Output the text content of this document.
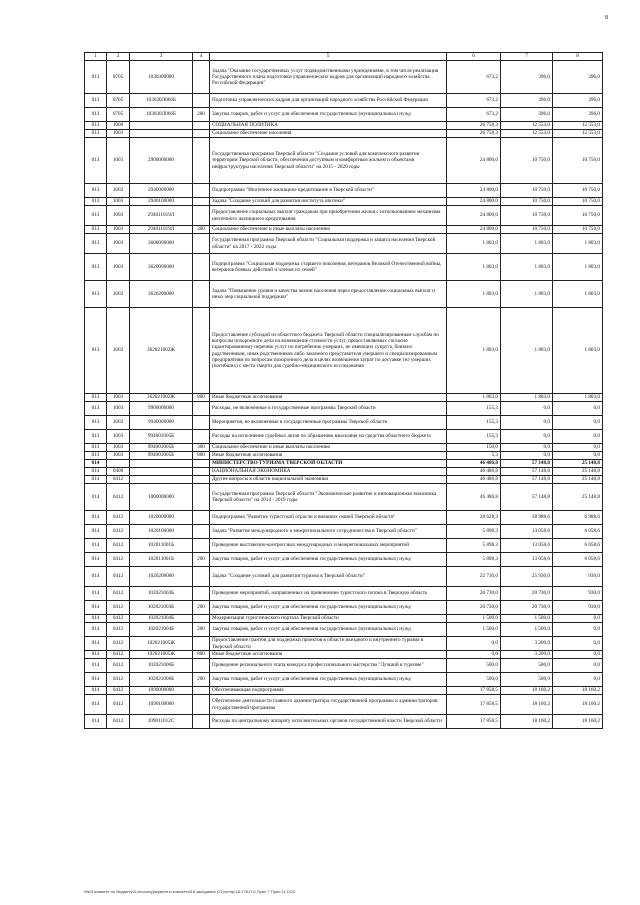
8
1	2	3	4	5	6	7	8
013	0705	1030300000		Задача "Оказание государственных услуг подведомственными учреждениями, в том числе реализация Государственного плана подготовки управленческих кадров для организаций народного хозяйства Российской Федерации"	673,2	396,0	396,0
013	0705	103030Л066Б		Подготовка управленческих кадров для организаций народного хозяйства Российской Федерации	673,2	396,0	396,0
013	0705	103030Л066Б	200	Закупка товаров, работ и услуг для обеспечения государственных (муниципальных) нужд	673,2	396,0	396,0
013	1000			СОЦИАЛЬНАЯ ПОЛИТИКА	26 758,3	12 553,0	12 553,0
013	1003			Социальное обеспечение населения	26 758,3	12 553,0	12 553,0
013	1003	2900000000		Государственная программа Тверской области "Создание условий для комплексного развития территории Тверской области, обеспечения доступным и комфортным жильем и объектами инфраструктуры населения Тверской области" на 2015 - 2020 годы	24 800,0	10 750,0	10 750,0
013	1003	2940000000		Подпрограмма "Ипотечное жилищное кредитование в Тверской области"	24 800,0	10 750,0	10 750,0
013	1003	2940100000		Задача "Создание условий для развития института ипотеки"	24 800,0	10 750,0	10 750,0
013	1003	294011019Л		Предоставление социальных выплат гражданам при приобретении жилья с использованием механизма ипотечного жилищного кредитования	24 800,0	10 750,0	10 750,0
013	1003	294011019Л	300	Социальное обеспечение и иные выплаты населению	24 800,0	10 750,0	10 750,0
013	1003	3600000000		Государственная программа Тверской области "Социальная поддержка и защита населения Тверской области" на 2017 - 2022 годы	1 803,0	1 803,0	1 803,0
013	1003	3620000000		Подпрограмма "Социальная поддержка старшего поколения, ветеранов Великой Отечественной войны, ветеранов боевых действий и членов их семей"	1 803,0	1 803,0	1 803,0
013	1003	3620200000		Задача "Повышение уровня и качества жизни населения через предоставление социальных выплат и иных мер социальной поддержки"	1 803,0	1 803,0	1 803,0
013	1003	362021002Ж		Предоставление субсидий из областного бюджета Тверской области специализированным службам по вопросам похоронного дела на возмещение стоимости услуг, предоставляемых согласно гарантированному перечню услуг по погребению умерших, не имеющих супруга, близких родственников, иных родственников либо законного представителя умершего и специализированным предприятиям по вопросам похоронного дела в целях возмещения затрат по доставке тел умерших (погибших) с места смерти для судебно-медицинского исследования	1 803,0	1 803,0	1 803,0
013	1003	362021002Ж	800	Иные бюджетные ассигнования	1 803,0	1 803,0	1 803,0
013	1003	9900000000		Расходы, не включенные в государственные программы Тверской области	155,3	0,0	0,0
013	1003	9940000000		Мероприятия, не включенные в государственные программы Тверской области	155,3	0,0	0,0
013	1003	994001005Б		Расходы на исполнение судебных актов по обращению взыскания на средства областного бюджета	155,3	0,0	0,0
013	1003	994001005Б	300	Социальное обеспечение и иные выплаты населению	150,0	0,0	0,0
013	1003	994001005Б	800	Иные бюджетные ассигнования	5,3	0,0	0,0
014				МИНИСТЕРСТВО ТУРИЗМА ТВЕРСКОЙ ОБЛАСТИ	46 486,8	57 148,8	25 148,8
014	0400			НАЦИОНАЛЬНАЯ ЭКОНОМИКА	46 486,8	57 148,8	25 148,8
014	0412			Другие вопросы в области национальной экономики	46 486,8	57 148,8	25 148,8
014	0412	1000000000		Государственная программа Тверской области "Экономическое развитие и инновационная экономика Тверской области" на 2014 - 2019 годы	46 486,8	57 148,8	25 148,8
014	0412	1020000000		Подпрограмма "Развитие туристской отрасли и внешних связей Тверской области"	28 628,3	38 988,6	6 988,6
014	0412	1020100000		Задача "Развитие международного и межрегионального сотрудничества в Тверской области"	5 898,3	13 058,6	6 058,6
014	0412	102011001Б		Проведение выставочно-конгрессных международных и межрегиональных мероприятий	5 898,3	13 058,6	6 058,6
014	0412	102011001Б	200	Закупка товаров, работ и услуг для обеспечения государственных (муниципальных) нужд	5 898,3	13 058,6	6 058,6
014	0412	1020200000		Задача "Создание условий для развития туризма в Тверской области"	22 730,0	25 930,0	930,0
014	0412	102021003Б		Проведение мероприятий, направленных на привлечение туристского потока в Тверскую область	20 730,0	20 730,0	930,0
014	0412	102021003Б	200	Закупка товаров, работ и услуг для обеспечения государственных (муниципальных) нужд	20 730,0	20 730,0	930,0
014	0412	102021004Б		Модернизация туристического портала Тверской области	1 500,0	1 500,0	0,0
014	0412	102021004Б	200	Закупка товаров, работ и услуг для обеспечения государственных (муниципальных) нужд	1 500,0	1 500,0	0,0
014	0412	102021005Ж		Предоставление грантов для поддержки проектов в области въездного и внутреннего туризма в Тверской области	0,0	3 200,0	0,0
014	0412	102021005Ж	800	Иные бюджетные ассигнования	0,0	3 200,0	0,0
014	0412	102021006Б		Проведение регионального этапа конкурса профессионального мастерства "Лучший в туризме"	500,0	500,0	0,0
014	0412	102021006Б	200	Закупка товаров, работ и услуг для обеспечения государственных (муниципальных) нужд	500,0	500,0	0,0
014	0412	1090000000		Обеспечивающая подпрограмма	17 858,5	18 160,2	18 160,2
014	0412	1090100000		Обеспечение деятельности главного администратора государственной программы и администраторов государственной программы	17 858,5	18 160,2	18 160,2
014	0412	109011012С		Расходы по центральному аппарату исполнительных органов государственной власти Тверской области	17 858,5	18 160,2	18 160,2
\\fs01\комитет по бюджету\б-сессии\Документы комитета\18 заседание (11)\тр\пр\18-178-П-6 Прил 7 Прил 11.DOC
